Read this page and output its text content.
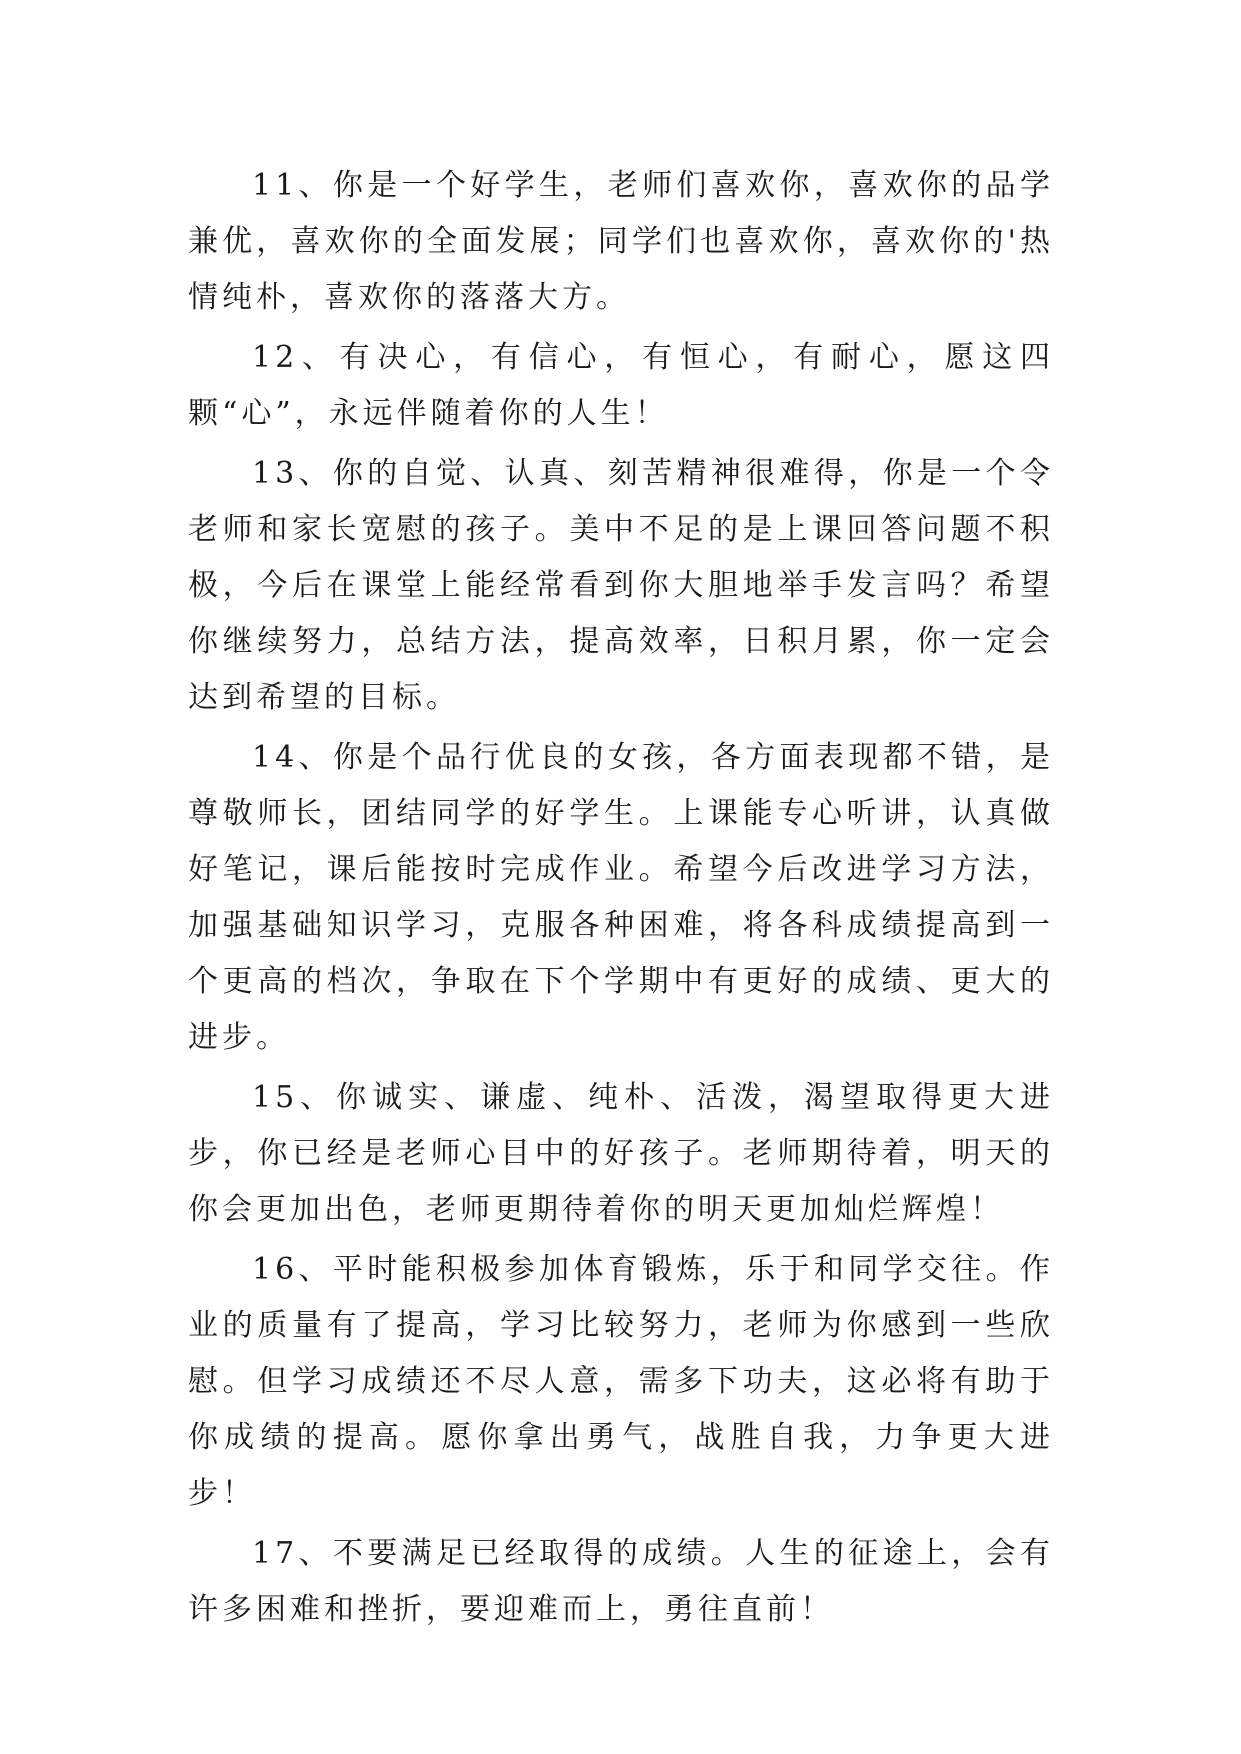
11、你是一个好学生，老师们喜欢你，喜欢你的品学兼优，喜欢你的全面发展；同学们也喜欢你，喜欢你的'热情纯朴，喜欢你的落落大方。

12、有决心，有信心，有恒心，有耐心，愿这四颗“心”，永远伴随着你的人生！

13、你的自觉、认真、刻苦精神很难得，你是一个令老师和家长宽慰的孩子。美中不足的是上课回答问题不积极，今后在课堂上能经常看到你大胆地举手发言吗？希望你继续努力，总结方法，提高效率，日积月累，你一定会达到希望的目标。

14、你是个品行优良的女孩，各方面表现都不错，是尊敬师长，团结同学的好学生。上课能专心听讲，认真做好笔记，课后能按时完成作业。希望今后改进学习方法，加强基础知识学习，克服各种困难，将各科成绩提高到一个更高的档次，争取在下个学期中有更好的成绩、更大的进步。

15、你诚实、谦虚、纯朴、活泼，渴望取得更大进步，你已经是老师心目中的好孩子。老师期待着，明天的你会更加出色，老师更期待着你的明天更加灿烂辉煌！

16、平时能积极参加体育锻炼，乐于和同学交往。作业的质量有了提高，学习比较努力，老师为你感到一些欣慰。但学习成绩还不尽人意，需多下功夫，这必将有助于你成绩的提高。愿你拿出勇气，战胜自我，力争更大进步！

17、不要满足已经取得的成绩。人生的征途上，会有许多困难和挫折，要迎难而上，勇往直前！
